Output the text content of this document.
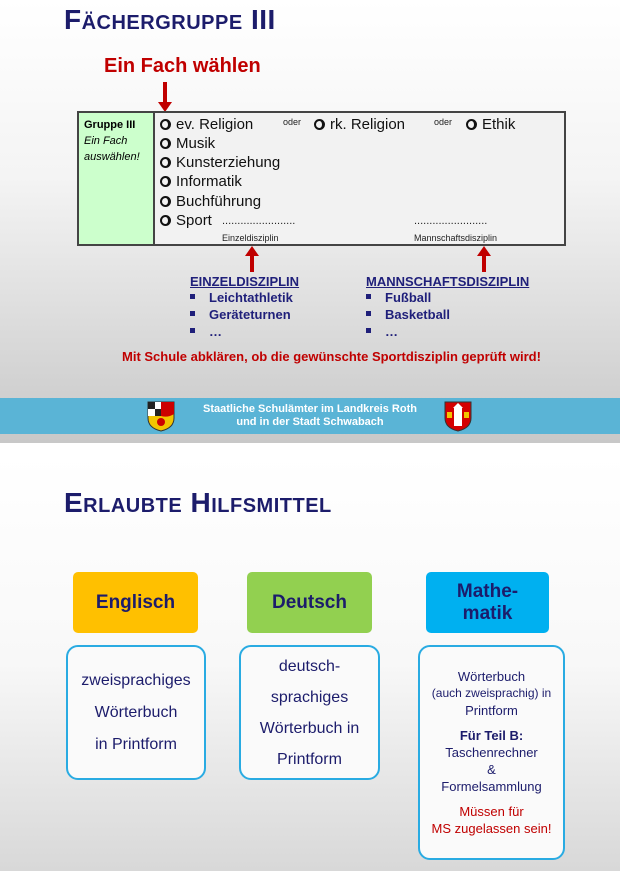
Fächergruppe III
Ein Fach wählen
Gruppe III
Ein Fach
auswählen!
ev. Religion	oder	rk. Religion	oder	Ethik
Musik
Kunsterziehung
Informatik
Buchführung
Sport ........................	........................
Einzeldisziplin	Mannschaftsdisziplin
EINZELDISZIPLIN
Leichtathletik
Geräteturnen
…
MANNSCHAFTSDISZIPLIN
Fußball
Basketball
…
Mit Schule abklären, ob die gewünschte Sportdisziplin geprüft wird!
Staatliche Schulämter im Landkreis Roth
und in der Stadt Schwabach
Erlaubte Hilfsmittel
Englisch	Deutsch
Mathe-
matik
zweisprachiges
Wörterbuch
in Printform
deutsch-
sprachiges
Wörterbuch in
Printform
Wörterbuch
(auch zweisprachig) in
Printform
Für Teil B:
Taschenrechner
&
Formelsammlung
Müssen für
MS zugelassen sein!
